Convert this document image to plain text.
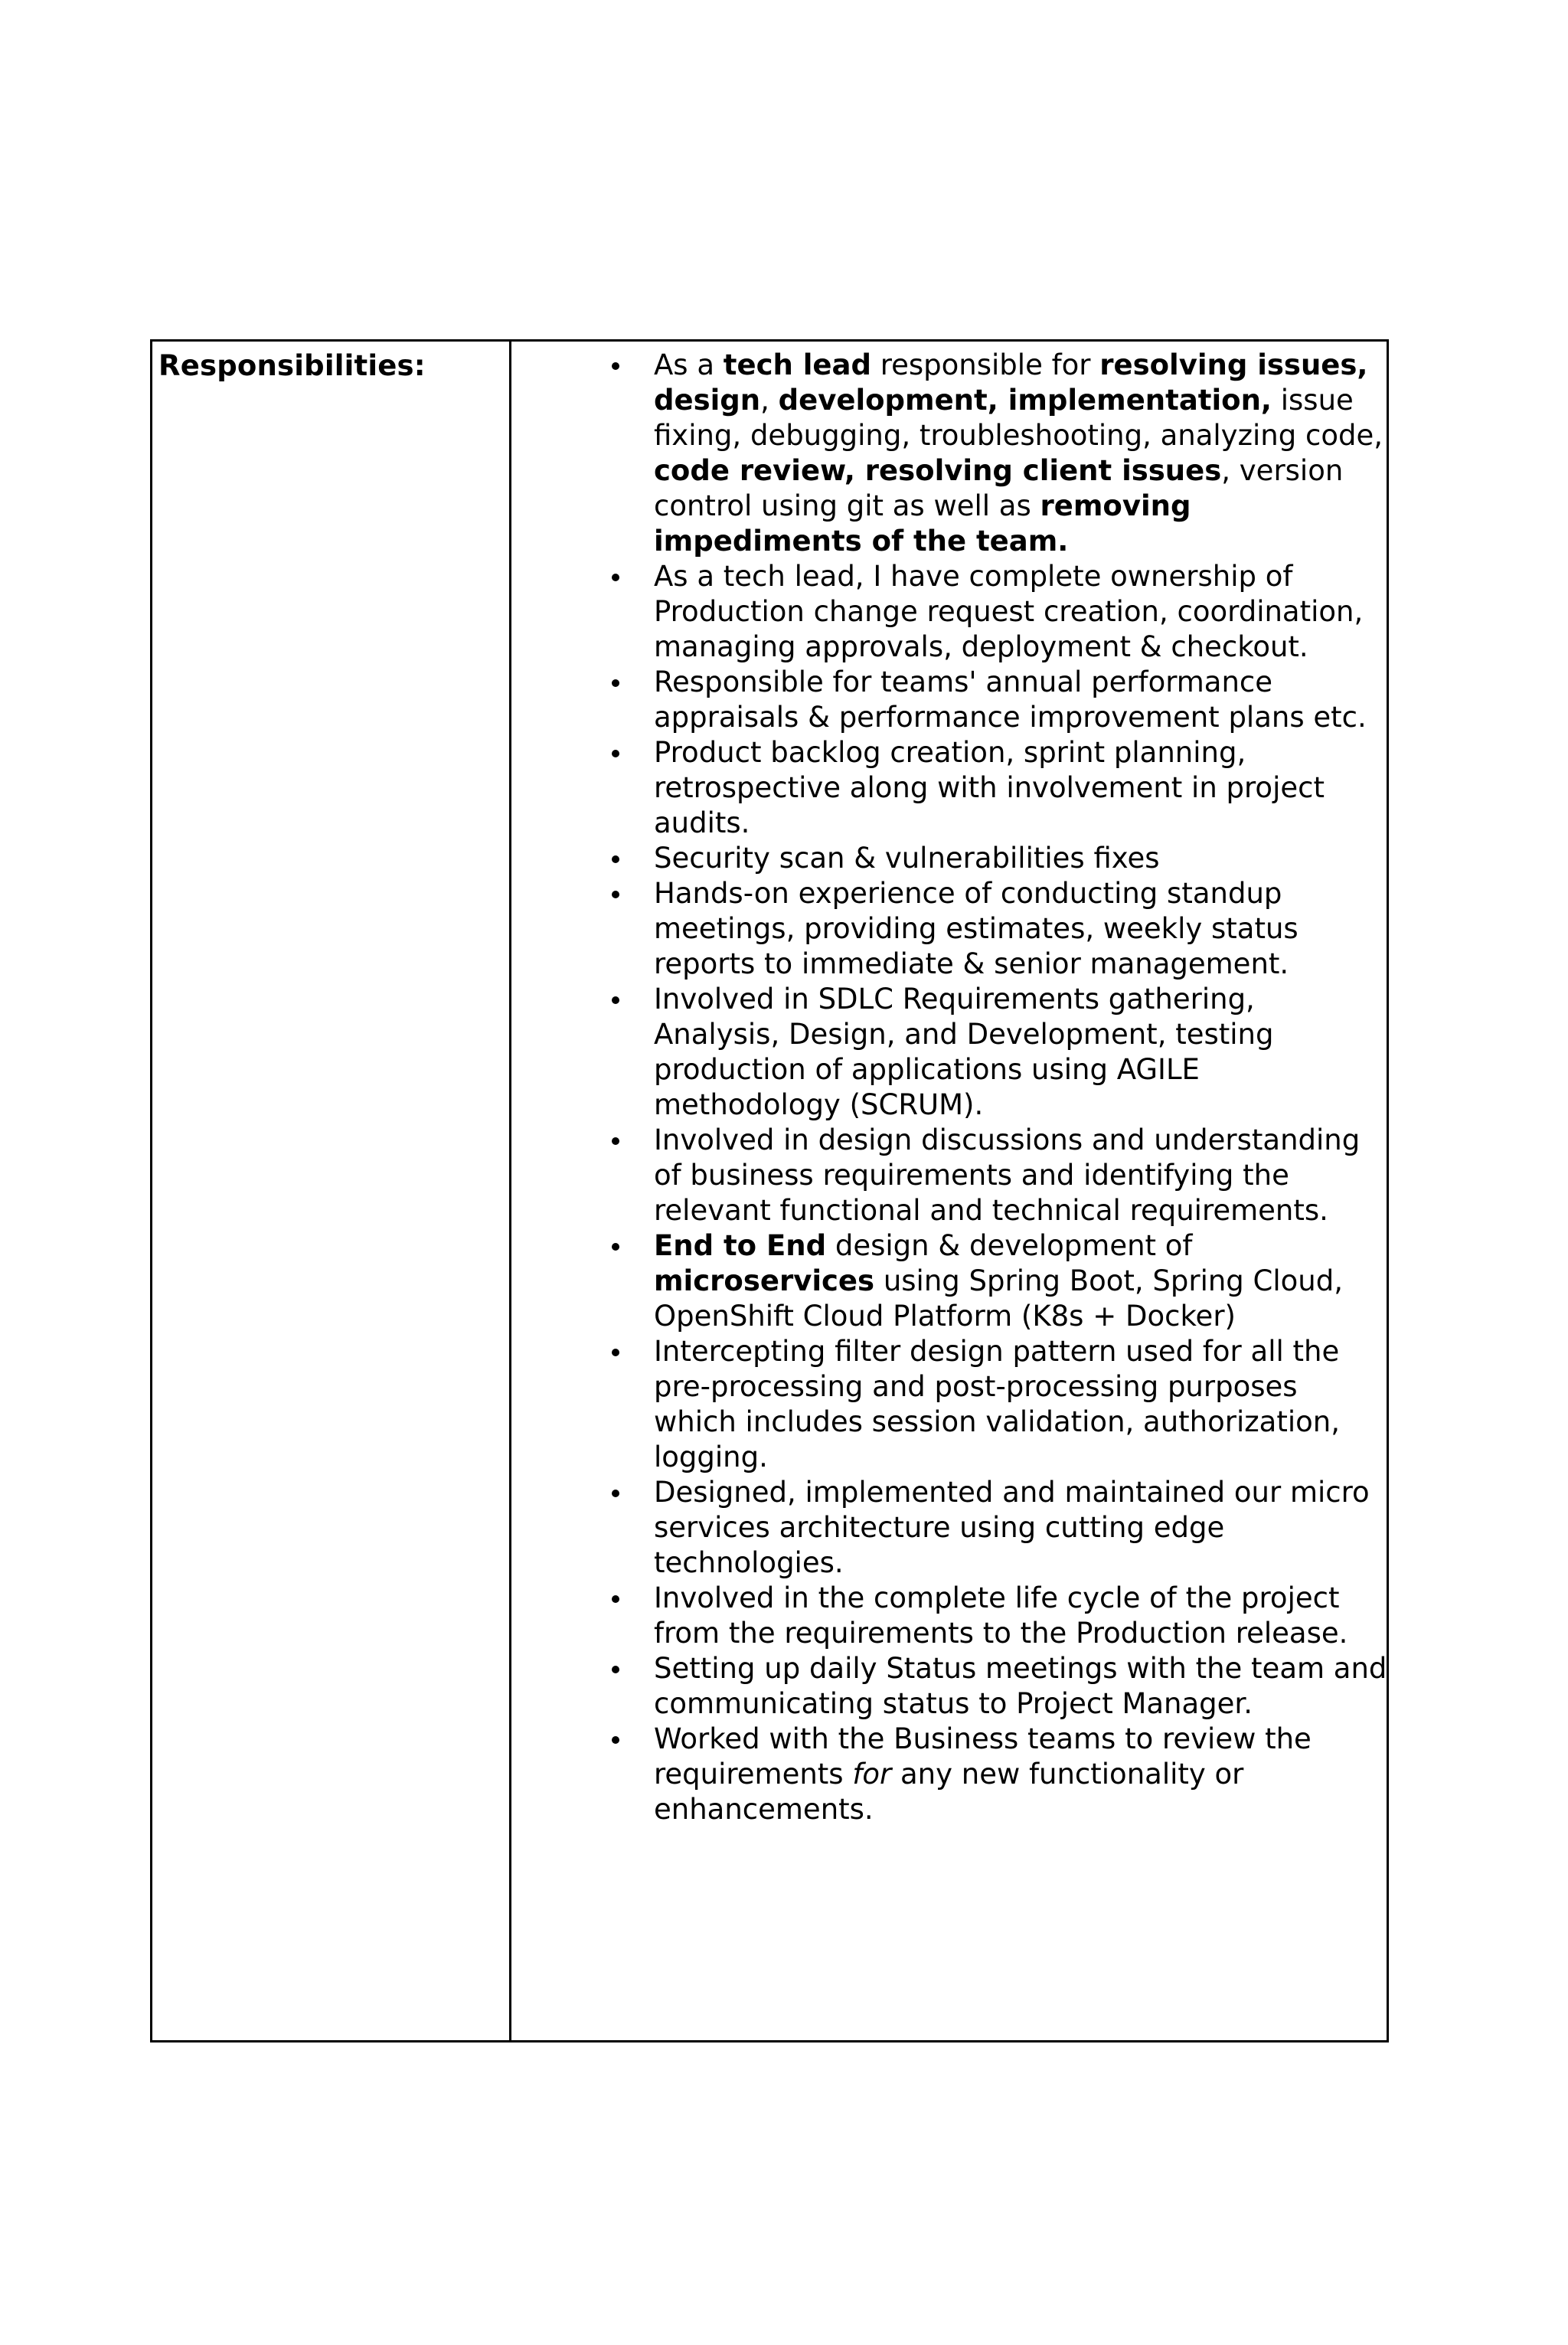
Responsibilities:	As a tech lead responsible for resolving issues, design, development, implementation, issue fixing, debugging, troubleshooting, analyzing code, code review, resolving client issues, version control using git as well as removing impediments of the team.
As a tech lead, I have complete ownership of Production change request creation, coordination, managing approvals, deployment & checkout.
Responsible for teams' annual performance appraisals & performance improvement plans etc.
Product backlog creation, sprint planning, retrospective along with involvement in project audits.
Security scan & vulnerabilities fixes
Hands-on experience of conducting standup meetings, providing estimates, weekly status reports to immediate & senior management.
Involved in SDLC Requirements gathering, Analysis, Design, and Development, testing production of applications using AGILE methodology (SCRUM).
Involved in design discussions and understanding of business requirements and identifying the relevant functional and technical requirements.
End to End design & development of microservices using Spring Boot, Spring Cloud, OpenShift Cloud Platform (K8s + Docker)
Intercepting filter design pattern used for all the pre-processing and post-processing purposes which includes session validation, authorization, logging.
Designed, implemented and maintained our micro services architecture using cutting edge technologies.
Involved in the complete life cycle of the project from the requirements to the Production release.
Setting up daily Status meetings with the team and communicating status to Project Manager.
Worked with the Business teams to review the requirements for any new functionality or enhancements.
